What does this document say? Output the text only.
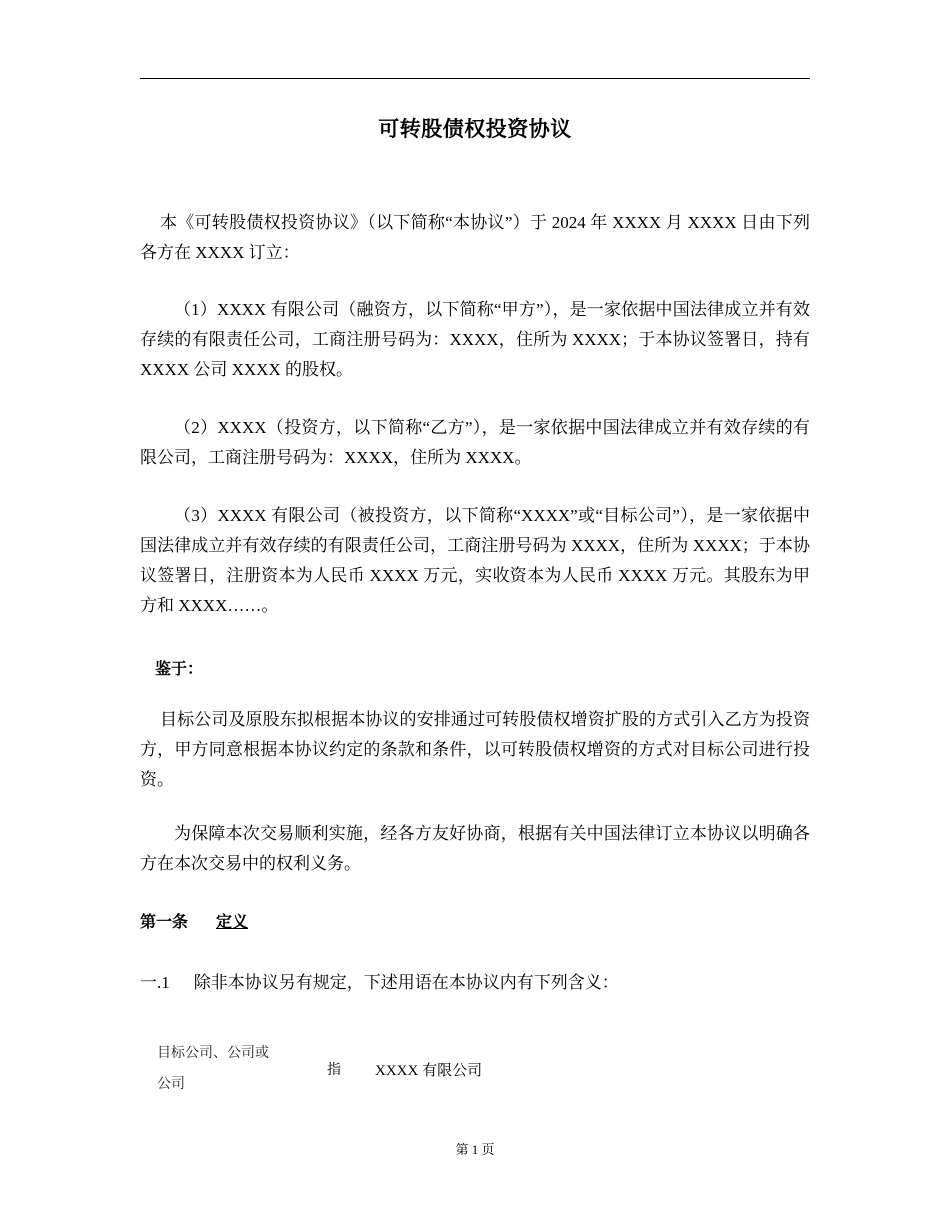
可转股债权投资协议
本《可转股债权投资协议》（以下简称“本协议”）于 2024 年 XXXX 月 XXXX 日由下列各方在 XXXX 订立：
（1）XXXX 有限公司（融资方，以下简称“甲方”），是一家依据中国法律成立并有效存续的有限责任公司，工商注册号码为：XXXX，住所为 XXXX；于本协议签署日，持有 XXXX 公司 XXXX 的股权。
（2）XXXX（投资方，以下简称“乙方”），是一家依据中国法律成立并有效存续的有限公司，工商注册号码为：XXXX，住所为 XXXX。
（3）XXXX 有限公司（被投资方，以下简称“XXXX”或“目标公司”），是一家依据中国法律成立并有效存续的有限责任公司，工商注册号码为 XXXX，住所为 XXXX；于本协议签署日，注册资本为人民币 XXXX 万元，实收资本为人民币 XXXX 万元。其股东为甲方和 XXXX……。
鉴于：
目标公司及原股东拟根据本协议的安排通过可转股债权增资扩股的方式引入乙方为投资方，甲方同意根据本协议约定的条款和条件，以可转股债权增资的方式对目标公司进行投资。
为保障本次交易顺利实施，经各方友好协商，根据有关中国法律订立本协议以明确各方在本次交易中的权利义务。
第一条 定义
一.1 除非本协议另有规定，下述用语在本协议内有下列含义：
目标公司、公司或
公司
	指	XXXX 有限公司
第 1 页
